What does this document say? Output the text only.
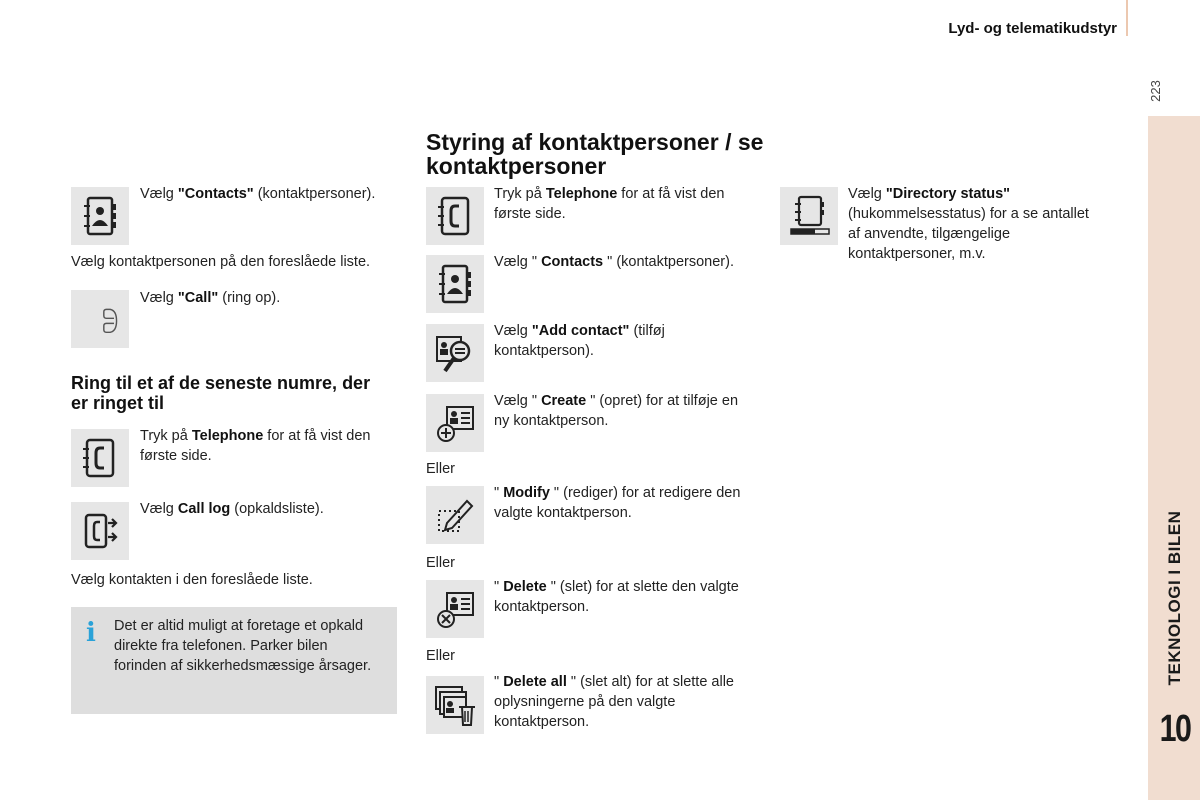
Lyd- og telematikudstyr
223
TEKNOLOGI I BILEN
10
Vælg "Contacts" (kontaktpersoner).
Vælg kontaktpersonen på den foreslåede liste.
Vælg "Call" (ring op).
Ring til et af de seneste numre, der er ringet til
Tryk på Telephone for at få vist den første side.
Vælg Call log (opkaldsliste).
Vælg kontakten i den foreslåede liste.
i Det er altid muligt at foretage et opkald direkte fra telefonen. Parker bilen forinden af sikkerhedsmæssige årsager.
Styring af kontaktpersoner / se kontaktpersoner
Tryk på Telephone for at få vist den første side.
Vælg " Contacts " (kontaktpersoner).
Vælg "Add contact" (tilføj kontaktperson).
Vælg " Create " (opret) for at tilføje en ny kontaktperson.
Eller
" Modify " (rediger) for at redigere den valgte kontaktperson.
Eller
" Delete " (slet) for at slette den valgte kontaktperson.
Eller
" Delete all " (slet alt) for at slette alle oplysningerne på den valgte kontaktperson.
Vælg "Directory status" (hukommelsesstatus) for a se antallet af anvendte, tilgængelige kontaktpersoner, m.v.
